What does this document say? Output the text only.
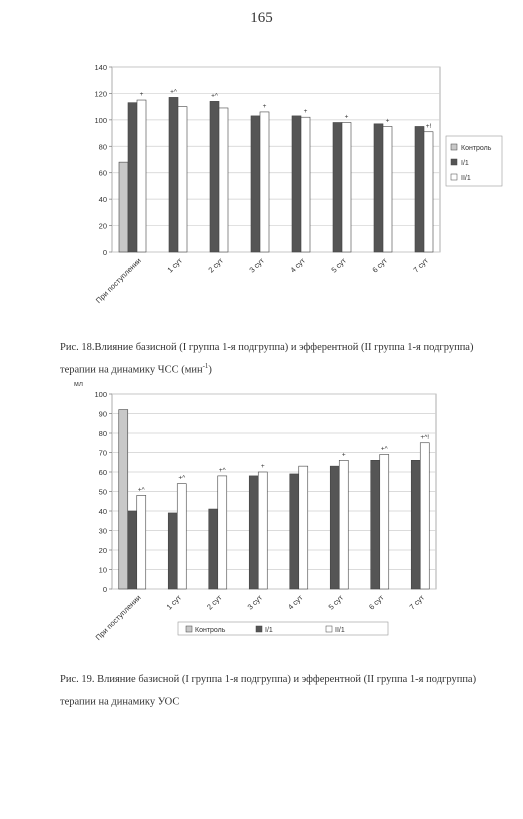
165
0
20
40
60
80
100
120
140
При поступлении	1 сут	2 сут	3 сут	4 сут	5 сут	6 сут	7 сут
+	+^
+^
+
+
+
+
+!
Контроль
I/1
II/1
Рис. 18.Влияние базисной (I группа 1-я подгруппа) и эфферентной (II группа 1-я подгруппа)
терапии на динамику ЧСС (мин$^{-1}$)
0
10
20
30
40
50
60
70
80
90
100
мл
При поступлении	1 сут	2 сут	3 сут	4 сут	5 сут	6 сут	7 сут
+^
+^
+^
+
+
+^
+^!
Контроль	I/1	II/1
Рис. 19. Влияние базисной (I группа 1-я подгруппа) и эфферентной (II группа 1-я подгруппа)
терапии на динамику УОС
